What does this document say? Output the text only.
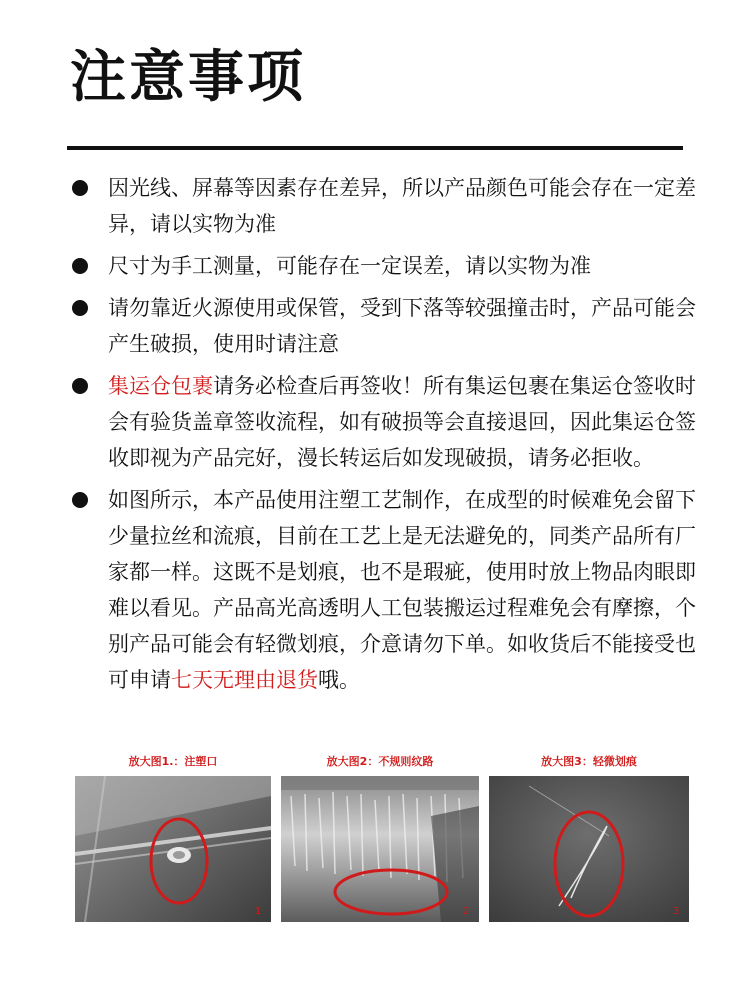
注意事项
因光线、屏幕等因素存在差异，所以产品颜色可能会存在一定差异，请以实物为准
尺寸为手工测量，可能存在一定误差，请以实物为准
请勿靠近火源使用或保管，受到下落等较强撞击时，产品可能会产生破损，使用时请注意
集运仓包裹请务必检查后再签收！所有集运包裹在集运仓签收时会有验货盖章签收流程，如有破损等会直接退回，因此集运仓签收即视为产品完好，漫长转运后如发现破损，请务必拒收。
如图所示，本产品使用注塑工艺制作，在成型的时候难免会留下少量拉丝和流痕，目前在工艺上是无法避免的，同类产品所有厂家都一样。这既不是划痕，也不是瑕疵，使用时放上物品肉眼即难以看见。产品高光高透明人工包装搬运过程难免会有摩擦，个别产品可能会有轻微划痕，介意请勿下单。如收货后不能接受也可申请七天无理由退货哦。
放大图1.：注塑口
1
放大图2：不规则纹路
2
放大图3：轻微划痕
3
